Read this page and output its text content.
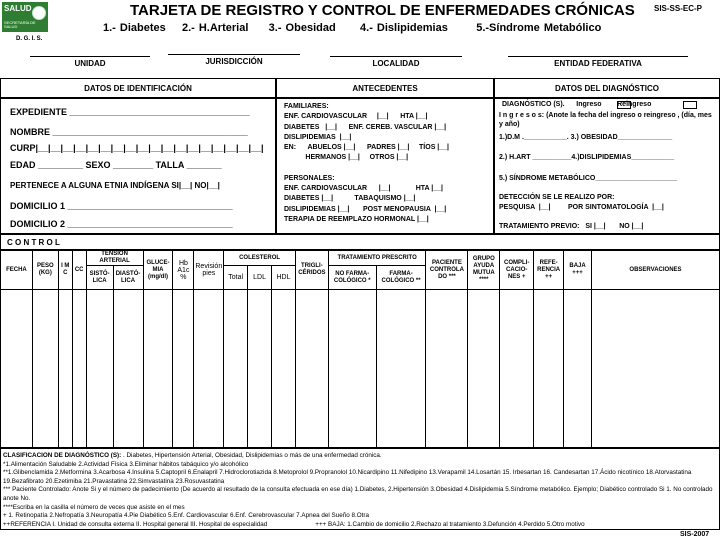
SALUD
SECRETARÍA DE SALUD
D. G. I. S.
TARJETA DE REGISTRO Y CONTROL DE ENFERMEDADES CRÓNICAS
1.- Diabetes    2.- H.Arterial     3.- Obesidad      4.- Dislipidemias       5.-Síndrome Metabólico
SIS-SS-EC-P
UNIDAD	JURISDICCIÓN	LOCALIDAD	ENTIDAD FEDERATIVA
DATOS DE IDENTIFICACIÓN	ANTECEDENTES	DATOS DEL DIAGNÓSTICO
EXPEDIENTE ____________________________________
NOMBRE _______________________________________
CURP|__|__|__|__|__|__|__|__|__|__|__|__|__|__|__|__|__|__|
EDAD _________ SEXO ________ TALLA _______
PERTENECE A ALGUNA ETNIA INDÍGENA SI|__| NO|__|
DOMICILIO 1 _________________________________
DOMICILIO 2 _________________________________
FAMILIARES:
ENF. CARDIOVASCULAR     |__|      HTA |__|
DIABETES   |__|      ENF. CEREB. VASCULAR |__|
DISLIPIDEMIAS  |__|
EN:      ABUELOS |__|      PADRES |__|     TÍOS |__|
HERMANOS |__|     OTROS |__|
PERSONALES:
ENF. CARDIOVASCULAR      |__|             HTA |__|
DIABETES |__|           TABAQUISMO |__|
DISLIPIDEMIAS |__|       POST MENOPAUSIA  |__|
TERAPIA DE REEMPLAZO HORMONAL |__|
DIAGNÓSTICO (S).      Ingreso        Reingreso
I n g r e s o s: (Anote la fecha del ingreso o reingreso , (día, mes y año)
1.)D.M .___________. 3.) OBESIDAD______________
2.) H.ART __________4.)DISLIPIDEMIAS___________
5.) SÍNDROME METABÓLICO_____________________
DETECCIÓN SE LE REALIZO POR:
PESQUISA  |__|         POR SINTOMATOLOGÍA  |__|
TRATAMIENTO PREVIO:   SI |__|       NO |__|
C O N T R O L
FECHA	PESO (KG)	I M C	CC	TENSIÓN ARTERIAL		GLUCE-MIA (mg/dl)	Hb A1c %	Revisión pies	COLESTEROL			TRIGLI-CÉRIDOS	TRATAMIENTO PRESCRITO		PACIENTE CONTROLA DO ***	GRUPO AYUDA MUTUA ****	COMPLI-CACIO-NES +	REFE-RENCIA ++	BAJA +++	OBSERVACIONES
				SISTÓ-LICA	DIASTÓ-LICA				Total	LDL	HDL		NO FARMA-COLÓGICO *	FARMA-COLÓGICO **						

CLASIFICACION DE DIAGNÓSTICO (S): . Diabetes, Hipertensión Arterial, Obesidad, Dislipidemias o más de una enfermedad crónica.
*1.Alimentación Saludable 2.Actividad Física 3.Eliminar hábitos tabáquico y/o alcohólico
**1.Glibenclamida 2.Metformina 3.Acarbosa 4.Insulina 5.Captopril 6.Enalapril 7.Hidroclorotiazida 8.Metoprolol 9.Propranolol 10.Nicardipino 11.Nifedipino 13.Verapamil 14.Losartán 15. Irbesartan 16. Candesartan 17.Ácido nicotínico 18.Atorvastatina 19.Bezafibrato 20.Ezetimiba 21.Pravastatina 22.Simvastatina 23.Rosuvastatina
*** Paciente Controlado: Anote Si y el número de padecimiento (De acuerdo al resultado de la consulta efectuada en ese día) 1.Diabetes, 2.Hipertensión 3.Obesidad 4.Dislipidemia 5.Síndrome metabólico. Ejemplo; Diabético controlado Si 1. No controlado anote No.
****Escriba en la casilla el número de veces que asiste en el mes
+ 1. Retinopatía 2.Nefropatía 3.Neuropatía 4.Pie Diabético 5.Enf. Cardiovascular 6.Enf. Cerebrovascular 7.Apnea del Sueño 8.Otra
++REFERENCIA I. Unidad de consulta externa II. Hospital general III. Hospital de especialidad	+++ BAJA: 1.Cambio de domicilio 2.Rechazo al tratamiento 3.Defunción 4.Perdido 5.Otro motivo
SIS-2007
